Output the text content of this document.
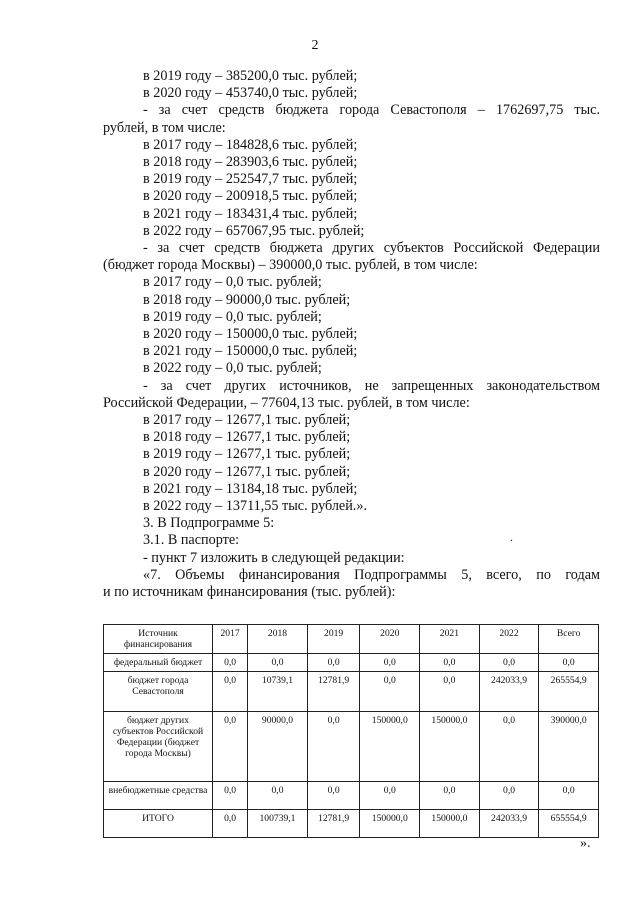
2
в 2019 году – 385200,0 тыс. рублей;
в 2020 году – 453740,0 тыс. рублей;
- за счет средств бюджета города Севастополя – 1762697,75 тыс.
рублей, в том числе:
в 2017 году – 184828,6 тыс. рублей;
в 2018 году – 283903,6 тыс. рублей;
в 2019 году – 252547,7 тыс. рублей;
в 2020 году – 200918,5 тыс. рублей;
в 2021 году – 183431,4 тыс. рублей;
в 2022 году – 657067,95 тыс. рублей;
- за счет средств бюджета других субъектов Российской Федерации
(бюджет города Москвы) – 390000,0 тыс. рублей, в том числе:
в 2017 году – 0,0 тыс. рублей;
в 2018 году – 90000,0 тыс. рублей;
в 2019 году – 0,0 тыс. рублей;
в 2020 году – 150000,0 тыс. рублей;
в 2021 году – 150000,0 тыс. рублей;
в 2022 году – 0,0 тыс. рублей;
- за счет других источников, не запрещенных законодательством
Российской Федерации, – 77604,13 тыс. рублей, в том числе:
в 2017 году – 12677,1 тыс. рублей;
в 2018 году – 12677,1 тыс. рублей;
в 2019 году – 12677,1 тыс. рублей;
в 2020 году – 12677,1 тыс. рублей;
в 2021 году – 13184,18 тыс. рублей;
в 2022 году – 13711,55 тыс. рублей.».
3. В Подпрограмме 5:
3.1. В паспорте:
- пункт 7 изложить в следующей редакции:
«7. Объемы финансирования Подпрограммы 5, всего, по годам
и по источникам финансирования (тыс. рублей):
.
Источник финансирования	2017	2018	2019	2020	2021	2022	Всего
федеральный бюджет	0,0	0,0	0,0	0,0	0,0	0,0	0,0
бюджет города Севастополя	0,0	10739,1	12781,9	0,0	0,0	242033,9	265554,9
бюджет других субъектов Российской Федерации (бюджет города Москвы)	0,0	90000,0	0,0	150000,0	150000,0	0,0	390000,0
внебюджетные средства	0,0	0,0	0,0	0,0	0,0	0,0	0,0
ИТОГО	0,0	100739,1	12781,9	150000,0	150000,0	242033,9	655554,9
».
